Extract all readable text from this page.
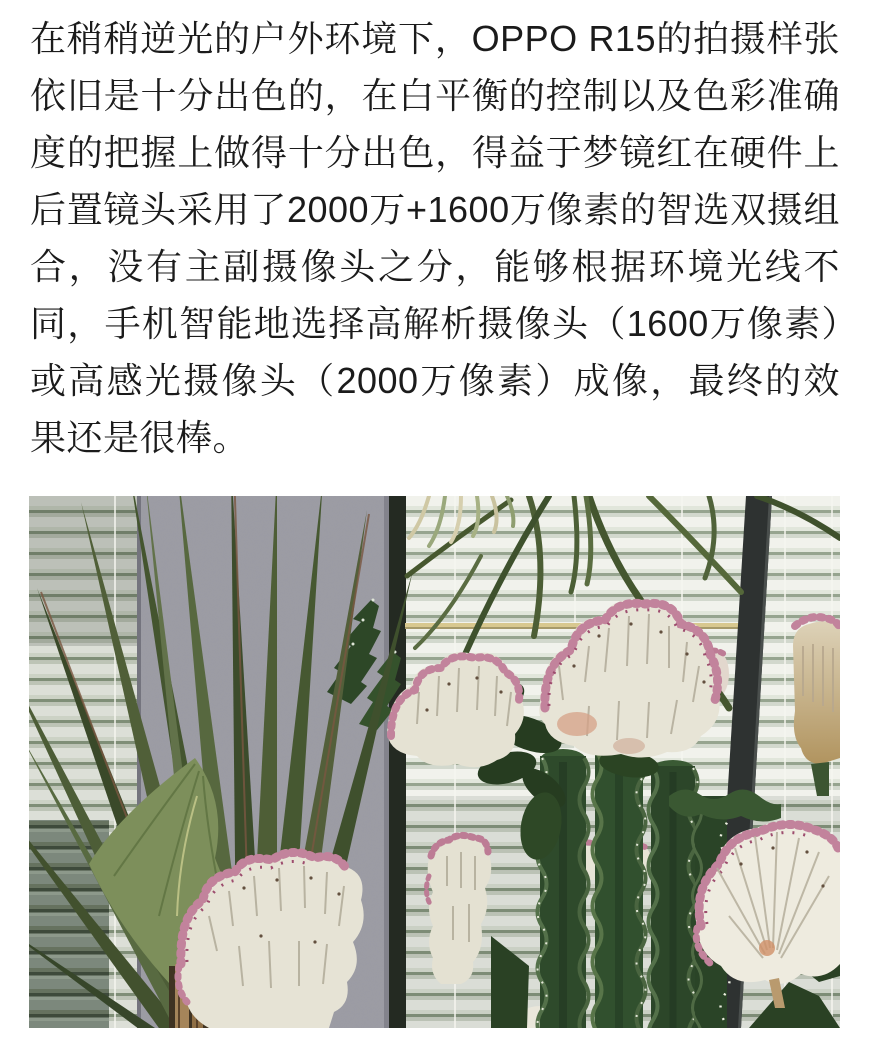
在稍稍逆光的户外环境下，OPPO R15的拍摄样张依旧是十分出色的，在白平衡的控制以及色彩准确度的把握上做得十分出色，得益于梦镜红在硬件上后置镜头采用了2000万+1600万像素的智选双摄组合，没有主副摄像头之分，能够根据环境光线不同，手机智能地选择高解析摄像头（1600万像素）或高感光摄像头（2000万像素）成像，最终的效果还是很棒。
